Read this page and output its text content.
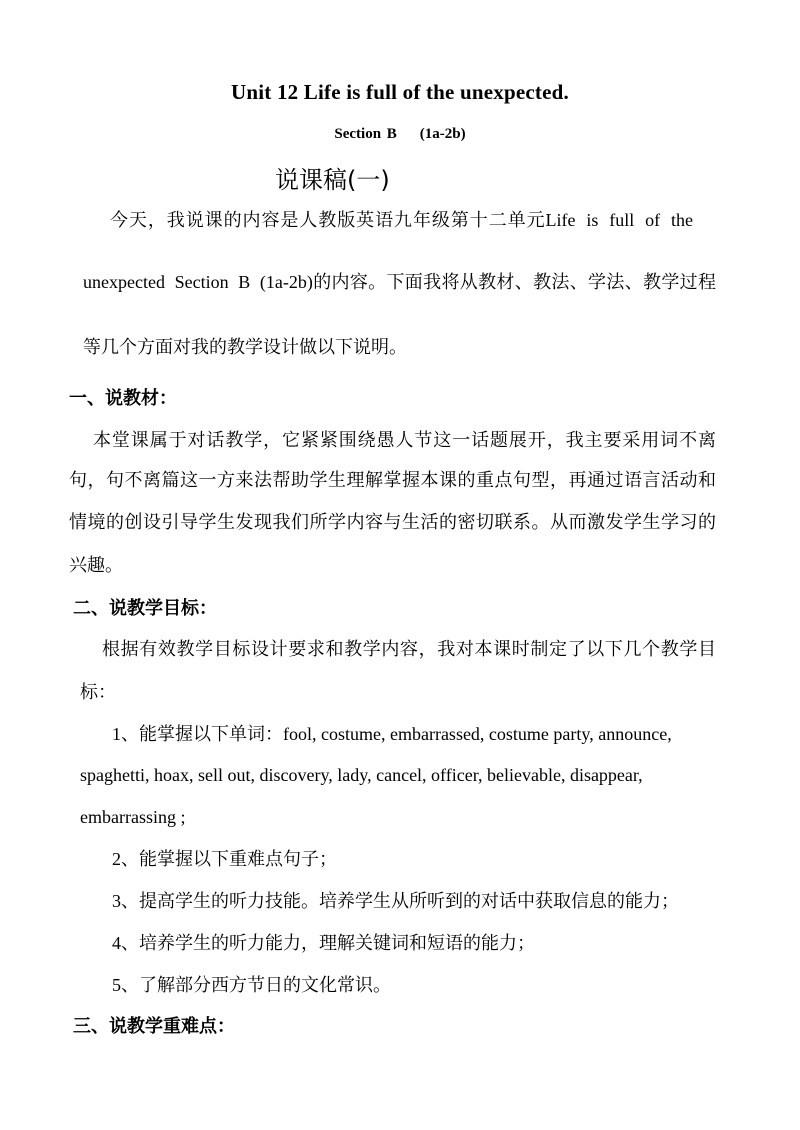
Unit 12 Life is full of the unexpected.
Section B    (1a-2b)
说课稿(一)
今天，我说课的内容是人教版英语九年级第十二单元Life  is  full  of  the
unexpected  Section  B  (1a-2b)的内容。下面我将从教材、教法、学法、教学过程
等几个方面对我的教学设计做以下说明。
一、说教材：
本堂课属于对话教学，它紧紧围绕愚人节这一话题展开，我主要采用词不离
句，句不离篇这一方来法帮助学生理解掌握本课的重点句型，再通过语言活动和
情境的创设引导学生发现我们所学内容与生活的密切联系。从而激发学生学习的
兴趣。
二、说教学目标：
根据有效教学目标设计要求和教学内容，我对本课时制定了以下几个教学目
标：
1、能掌握以下单词：fool, costume, embarrassed, costume party, announce,
spaghetti, hoax, sell out, discovery, lady, cancel, officer, believable, disappear,
embarrassing ;
2、能掌握以下重难点句子；
3、提高学生的听力技能。培养学生从所听到的对话中获取信息的能力；
4、培养学生的听力能力，理解关键词和短语的能力；
5、了解部分西方节日的文化常识。
三、说教学重难点：
